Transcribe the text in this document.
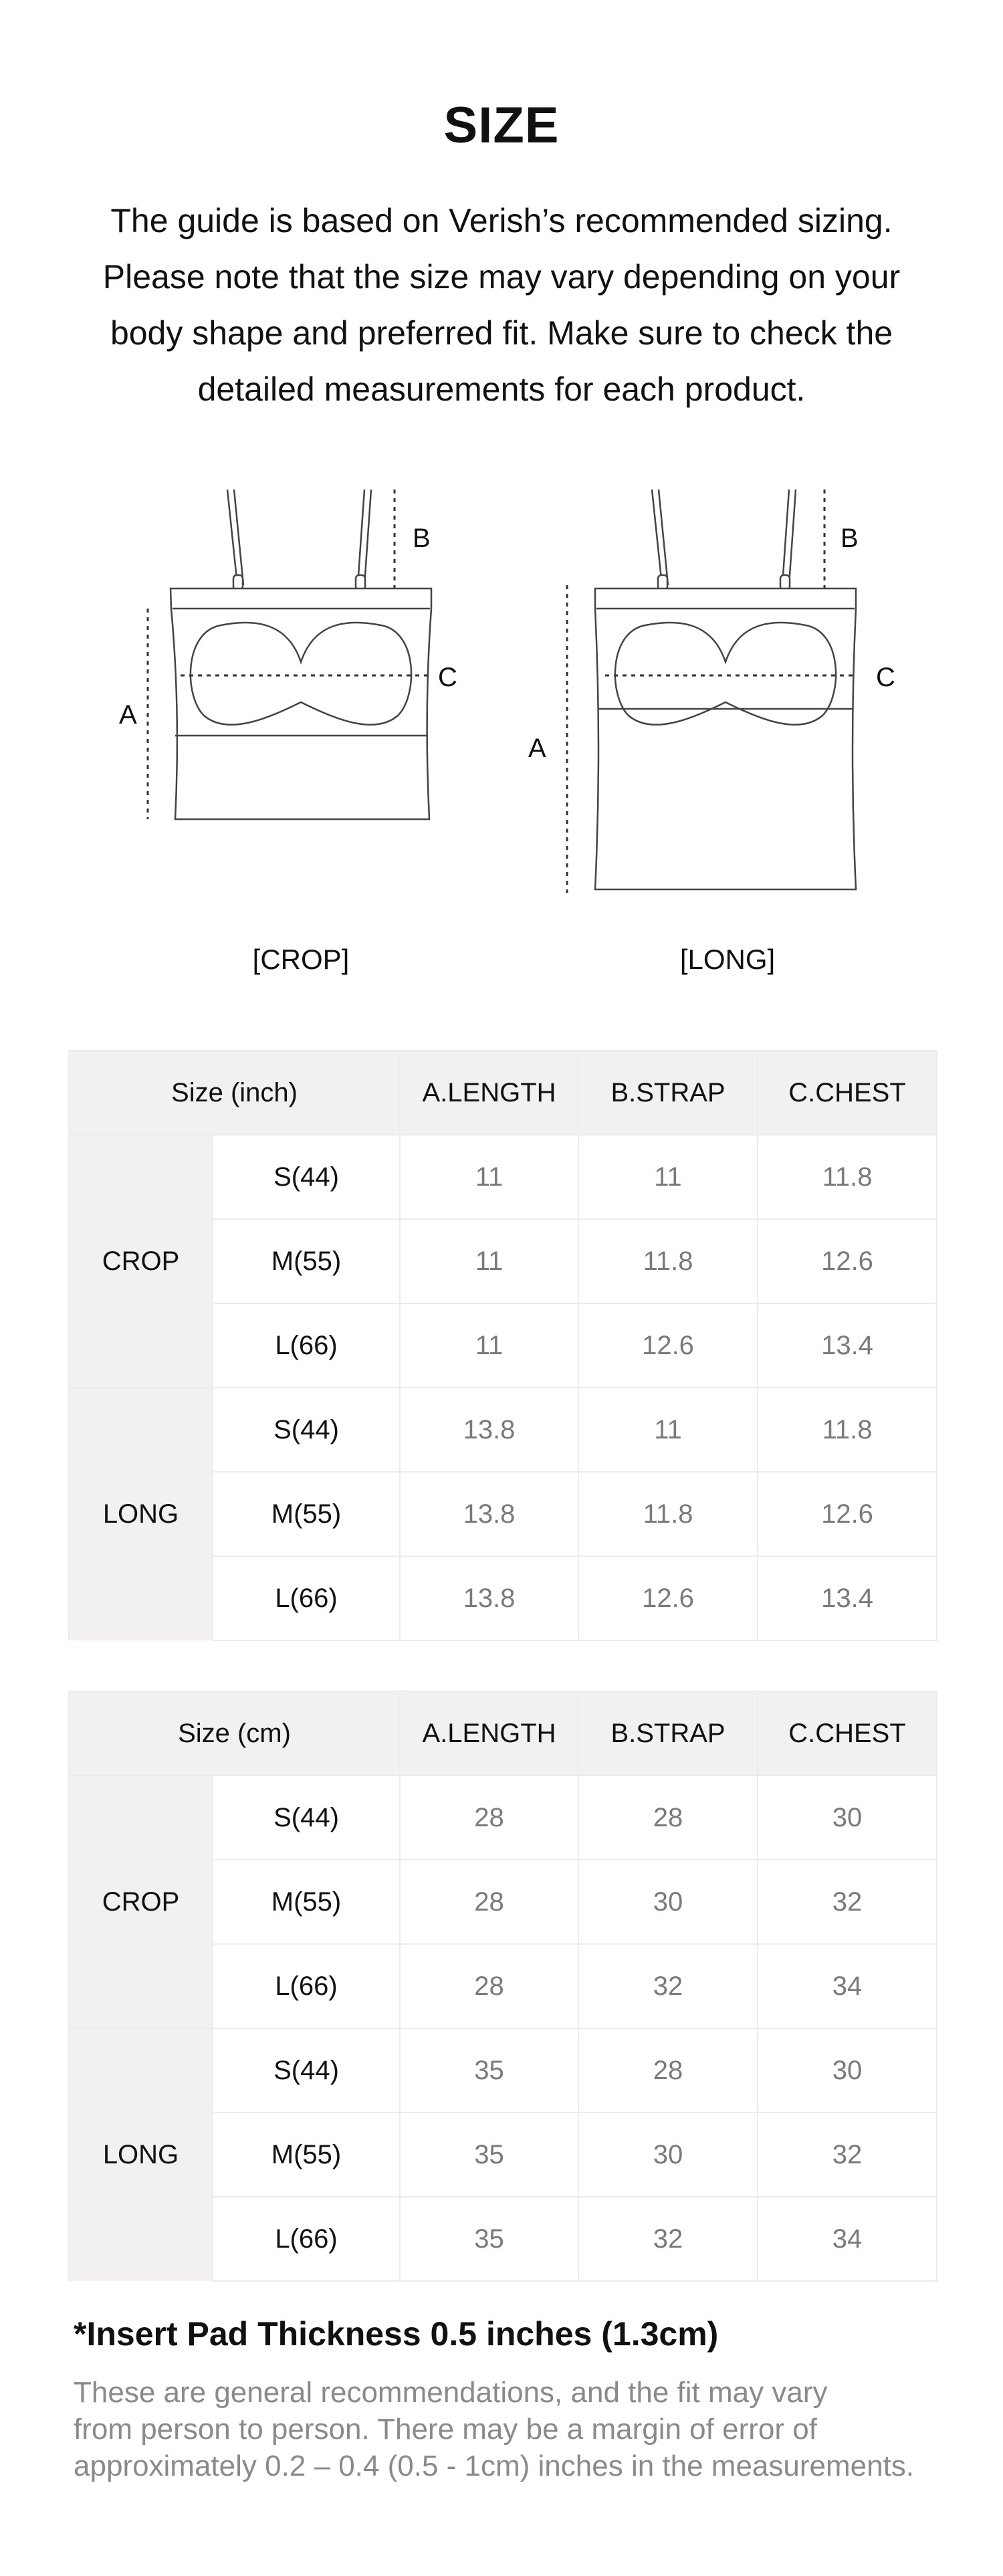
SIZE
The guide is based on Verish’s recommended sizing.
Please note that the size may vary depending on your
body shape and preferred fit. Make sure to check the
detailed measurements for each product.
A
B
C
A
B
C
[CROP]	[LONG]
Size (inch)		A.LENGTH	B.STRAP	C.CHEST
CROP	S(44)	11	11	11.8
	M(55)	11	11.8	12.6
	L(66)	11	12.6	13.4
LONG	S(44)	13.8	11	11.8
	M(55)	13.8	11.8	12.6
	L(66)	13.8	12.6	13.4
Size (cm)		A.LENGTH	B.STRAP	C.CHEST
CROP	S(44)	28	28	30
	M(55)	28	30	32
	L(66)	28	32	34
LONG	S(44)	35	28	30
	M(55)	35	30	32
	L(66)	35	32	34
*Insert Pad Thickness 0.5 inches (1.3cm)
These are general recommendations, and the fit may vary
from person to person. There may be a margin of error of
approximately 0.2 – 0.4 (0.5 - 1cm) inches in the measurements.
